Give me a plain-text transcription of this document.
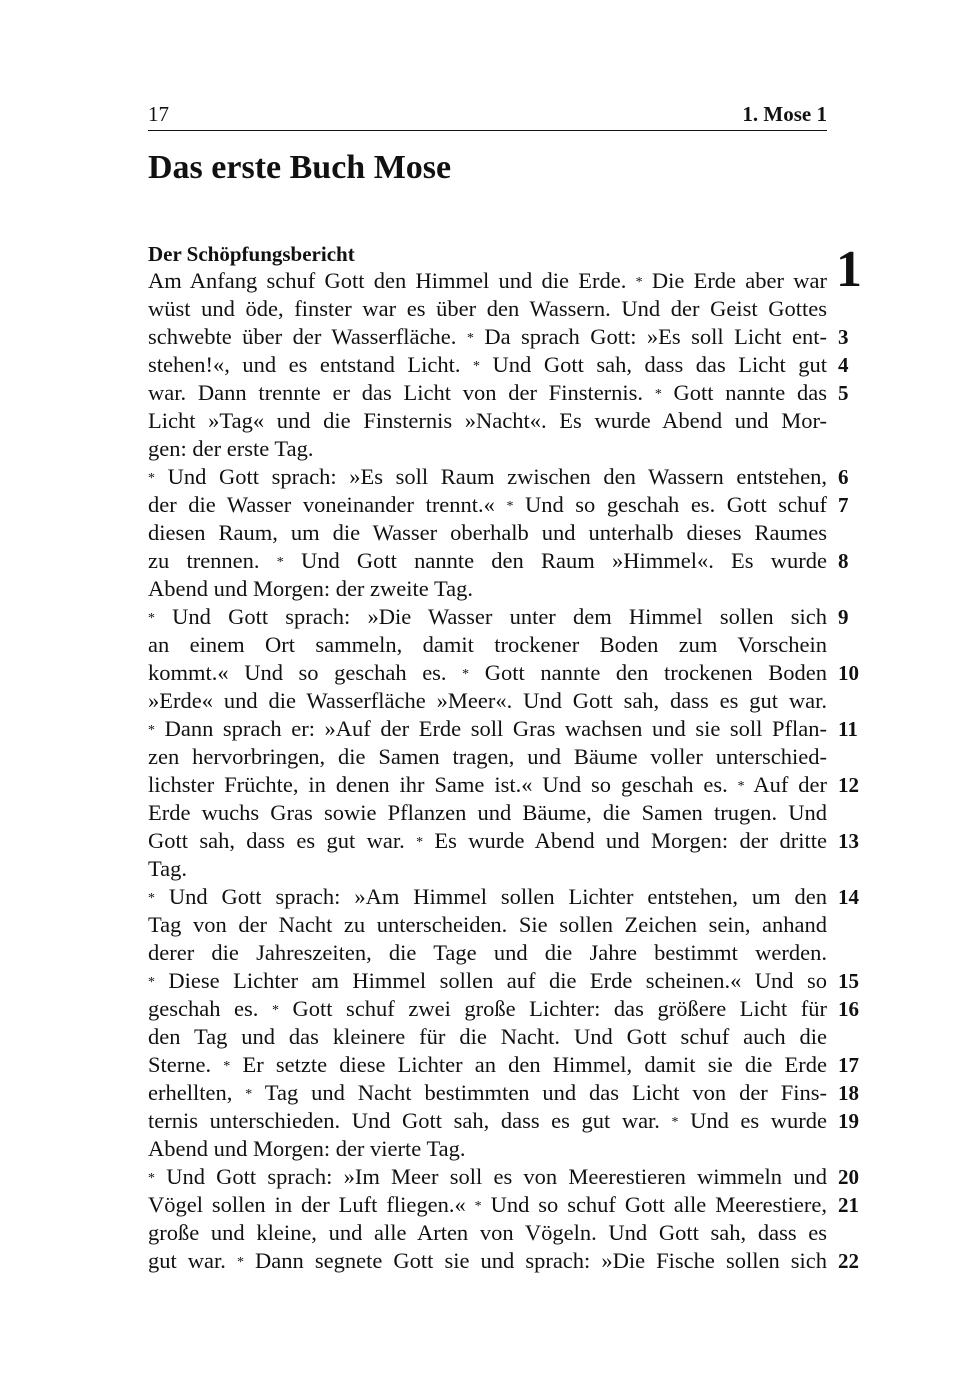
17	1. Mose 1
Das erste Buch Mose
Der Schöpfungsbericht	1
Am Anfang schuf Gott den Himmel und die Erde. * Die Erde aber war
wüst und öde, finster war es über den Wassern. Und der Geist Gottes
schwebte über der Wasserfläche. * Da sprach Gott: »Es soll Licht ent-
stehen!«, und es entstand Licht. * Und Gott sah, dass das Licht gut
war. Dann trennte er das Licht von der Finsternis. * Gott nannte das
Licht »Tag« und die Finsternis »Nacht«. Es wurde Abend und Mor-
gen: der erste Tag.
* Und Gott sprach: »Es soll Raum zwischen den Wassern entstehen,
der die Wasser voneinander trennt.« * Und so geschah es. Gott schuf
diesen Raum, um die Wasser oberhalb und unterhalb dieses Raumes
zu trennen. * Und Gott nannte den Raum »Himmel«. Es wurde
Abend und Morgen: der zweite Tag.
* Und Gott sprach: »Die Wasser unter dem Himmel sollen sich
an einem Ort sammeln, damit trockener Boden zum Vorschein
kommt.« Und so geschah es. * Gott nannte den trockenen Boden
»Erde« und die Wasserfläche »Meer«. Und Gott sah, dass es gut war.
* Dann sprach er: »Auf der Erde soll Gras wachsen und sie soll Pflan-
zen hervorbringen, die Samen tragen, und Bäume voller unterschied-
lichster Früchte, in denen ihr Same ist.« Und so geschah es. * Auf der
Erde wuchs Gras sowie Pflanzen und Bäume, die Samen trugen. Und
Gott sah, dass es gut war. * Es wurde Abend und Morgen: der dritte
Tag.
* Und Gott sprach: »Am Himmel sollen Lichter entstehen, um den
Tag von der Nacht zu unterscheiden. Sie sollen Zeichen sein, anhand
derer die Jahreszeiten, die Tage und die Jahre bestimmt werden.
* Diese Lichter am Himmel sollen auf die Erde scheinen.« Und so
geschah es. * Gott schuf zwei große Lichter: das größere Licht für
den Tag und das kleinere für die Nacht. Und Gott schuf auch die
Sterne. * Er setzte diese Lichter an den Himmel, damit sie die Erde
erhellten, * Tag und Nacht bestimmten und das Licht von der Fins-
ternis unterschieden. Und Gott sah, dass es gut war. * Und es wurde
Abend und Morgen: der vierte Tag.
* Und Gott sprach: »Im Meer soll es von Meerestieren wimmeln und
Vögel sollen in der Luft fliegen.« * Und so schuf Gott alle Meerestiere,
große und kleine, und alle Arten von Vögeln. Und Gott sah, dass es
gut war. * Dann segnete Gott sie und sprach: »Die Fische sollen sich
3
4
5
6
7
8
9
10
11
12
13
14
15
16
17
18
19
20
21
22
